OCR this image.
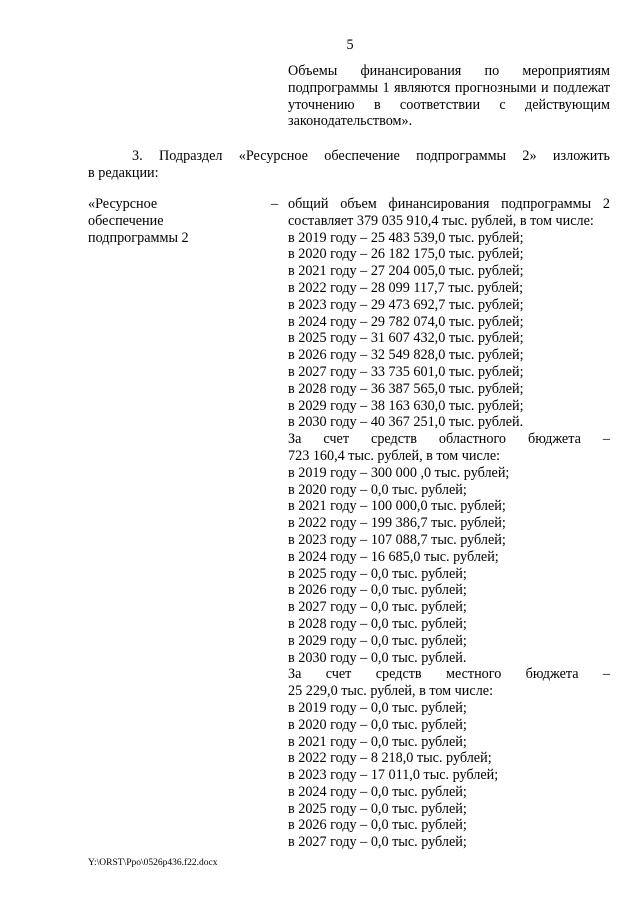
5
Объемы финансирования по мероприятиям
подпрограммы 1 являются прогнозными и подлежат
уточнению в соответствии с действующим
законодательством».
3. Подраздел «Ресурсное обеспечение подпрограммы 2» изложить
в редакции:
«Ресурсное
обеспечение
подпрограммы 2
– общий объем финансирования подпрограммы 2
составляет 379 035 910,4 тыс. рублей, в том числе:
в 2019 году – 25 483 539,0 тыс. рублей;
в 2020 году – 26 182 175,0 тыс. рублей;
в 2021 году – 27 204 005,0 тыс. рублей;
в 2022 году – 28 099 117,7 тыс. рублей;
в 2023 году – 29 473 692,7 тыс. рублей;
в 2024 году – 29 782 074,0 тыс. рублей;
в 2025 году – 31 607 432,0 тыс. рублей;
в 2026 году – 32 549 828,0 тыс. рублей;
в 2027 году – 33 735 601,0 тыс. рублей;
в 2028 году – 36 387 565,0 тыс. рублей;
в 2029 году – 38 163 630,0 тыс. рублей;
в 2030 году – 40 367 251,0 тыс. рублей.
За счет средств областного бюджета –
723 160,4 тыс. рублей, в том числе:
в 2019 году – 300 000 ,0 тыс. рублей;
в 2020 году – 0,0 тыс. рублей;
в 2021 году – 100 000,0 тыс. рублей;
в 2022 году – 199 386,7 тыс. рублей;
в 2023 году – 107 088,7 тыс. рублей;
в 2024 году – 16 685,0 тыс. рублей;
в 2025 году – 0,0 тыс. рублей;
в 2026 году – 0,0 тыс. рублей;
в 2027 году – 0,0 тыс. рублей;
в 2028 году – 0,0 тыс. рублей;
в 2029 году – 0,0 тыс. рублей;
в 2030 году – 0,0 тыс. рублей.
За счет средств местного бюджета –
25 229,0 тыс. рублей, в том числе:
в 2019 году – 0,0 тыс. рублей;
в 2020 году – 0,0 тыс. рублей;
в 2021 году – 0,0 тыс. рублей;
в 2022 году – 8 218,0 тыс. рублей;
в 2023 году – 17 011,0 тыс. рублей;
в 2024 году – 0,0 тыс. рублей;
в 2025 году – 0,0 тыс. рублей;
в 2026 году – 0,0 тыс. рублей;
в 2027 году – 0,0 тыс. рублей;
Y:\ORST\Ppo\0526p436.f22.docx
